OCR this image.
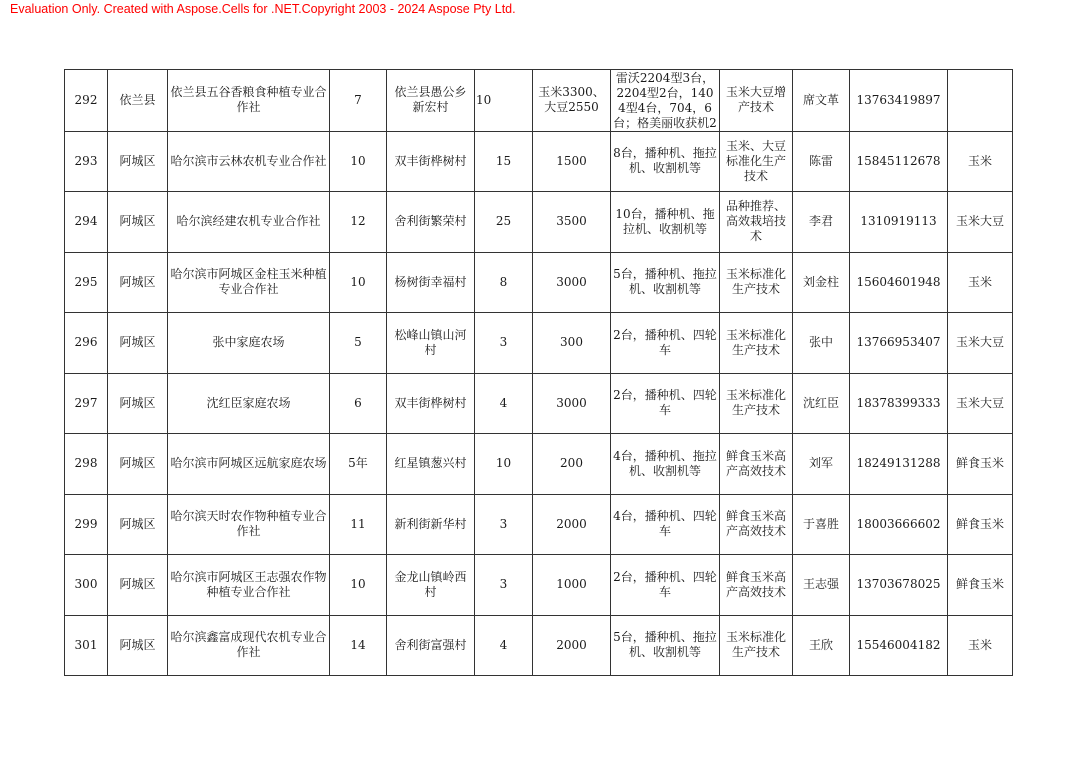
Evaluation Only. Created with Aspose.Cells for .NET.Copyright 2003 - 2024 Aspose Pty Ltd.
292	依兰县	依兰县五谷香粮食种植专业合作社	7	依兰县愚公乡新宏村	10	玉米3300、大豆2550	雷沃2204型3台，2204型2台，1404型4台，704，6台；格美丽收获机2	玉米大豆增产技术	席文革	13763419897	
293	阿城区	哈尔滨市云林农机专业合作社	10	双丰街桦树村	15	1500	8台，播种机、拖拉机、收割机等	玉米、大豆标准化生产技术	陈雷	15845112678	玉米
294	阿城区	哈尔滨经建农机专业合作社	12	舍利街繁荣村	25	3500	10台，播种机、拖拉机、收割机等	品种推荐、高效栽培技术	李君	1310919113	玉米大豆
295	阿城区	哈尔滨市阿城区金柱玉米种植专业合作社	10	杨树街幸福村	8	3000	5台，播种机、拖拉机、收割机等	玉米标准化生产技术	刘金柱	15604601948	玉米
296	阿城区	张中家庭农场	5	松峰山镇山河村	3	300	2台，播种机、四轮车	玉米标准化生产技术	张中	13766953407	玉米大豆
297	阿城区	沈红臣家庭农场	6	双丰街桦树村	4	3000	2台，播种机、四轮车	玉米标准化生产技术	沈红臣	18378399333	玉米大豆
298	阿城区	哈尔滨市阿城区远航家庭农场	5年	红星镇葱兴村	10	200	4台，播种机、拖拉机、收割机等	鲜食玉米高产高效技术	刘军	18249131288	鲜食玉米
299	阿城区	哈尔滨天时农作物种植专业合作社	11	新利街新华村	3	2000	4台，播种机、四轮车	鲜食玉米高产高效技术	于喜胜	18003666602	鲜食玉米
300	阿城区	哈尔滨市阿城区王志强农作物种植专业合作社	10	金龙山镇岭西村	3	1000	2台，播种机、四轮车	鲜食玉米高产高效技术	王志强	13703678025	鲜食玉米
301	阿城区	哈尔滨鑫富成现代农机专业合作社	14	舍利街富强村	4	2000	5台，播种机、拖拉机、收割机等	玉米标准化生产技术	王欣	15546004182	玉米
